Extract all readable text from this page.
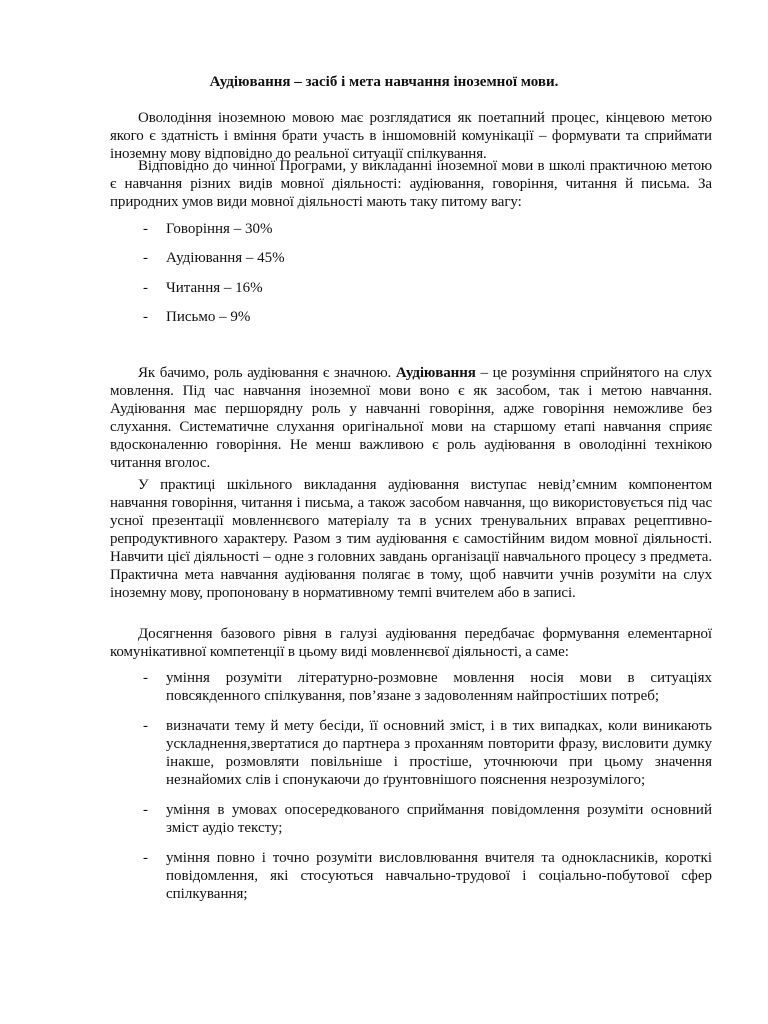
Аудіювання – засіб і мета навчання іноземної мови.

Оволодіння іноземною мовою має розглядатися як поетапний процес, кінцевою метою якого є здатність і вміння брати участь в іншомовній комунікації – формувати та сприймати іноземну мову відповідно до реальної ситуації спілкування.

Відповідно до чинної Програми, у викладанні іноземної мови в школі практичною метою є навчання різних видів мовної діяльності: аудіювання, говоріння, читання й письма. За природних умов види мовної діяльності мають таку питому вагу:

- Говоріння – 30%
- Аудіювання – 45%
- Читання – 16%
- Письмо – 9%

Як бачимо, роль аудіювання є значною. Аудіювання – це розуміння сприйнятого на слух мовлення. Під час навчання іноземної мови воно є як засобом, так і метою навчання. Аудіювання має першорядну роль у навчанні говоріння, адже говоріння неможливе без слухання. Систематичне слухання оригінальної мови на старшому етапі навчання сприяє вдосконаленню говоріння. Не менш важливою є роль аудіювання в оволодінні технікою читання вголос.

У практиці шкільного викладання аудіювання виступає невід’ємним компонентом навчання говоріння, читання і письма, а також засобом навчання, що використовується під час усної презентації мовленнєвого матеріалу та в усних тренувальних вправах рецептивно-репродуктивного характеру. Разом з тим аудіювання є самостійним видом мовної діяльності. Навчити цієї діяльності – одне з головних завдань організації навчального процесу з предмета. Практична мета навчання аудіювання полягає в тому, щоб навчити учнів розуміти на слух іноземну мову, пропоновану в нормативному темпі вчителем або в записі.

Досягнення базового рівня в галузі аудіювання передбачає формування елементарної комунікативної компетенції в цьому виді мовленнєвої діяльності, а саме:

- уміння розуміти літературно-розмовне мовлення носія мови в ситуаціях повсякденного спілкування, пов’язане з задоволенням найпростіших потреб;
- визначати тему й мету бесіди, її основний зміст, і в тих випадках, коли виникають ускладнення,звертатися до партнера з проханням повторити фразу, висловити думку інакше, розмовляти повільніше і простіше, уточнюючи при цьому значення незнайомих слів і спонукаючи до ґрунтовнішого пояснення незрозумілого;
- уміння в умовах опосередкованого сприймання повідомлення розуміти основний зміст аудіо тексту;
- уміння повно і точно розуміти висловлювання вчителя та однокласників, короткі повідомлення, які стосуються навчально-трудової і соціально-побутової сфер спілкування;
